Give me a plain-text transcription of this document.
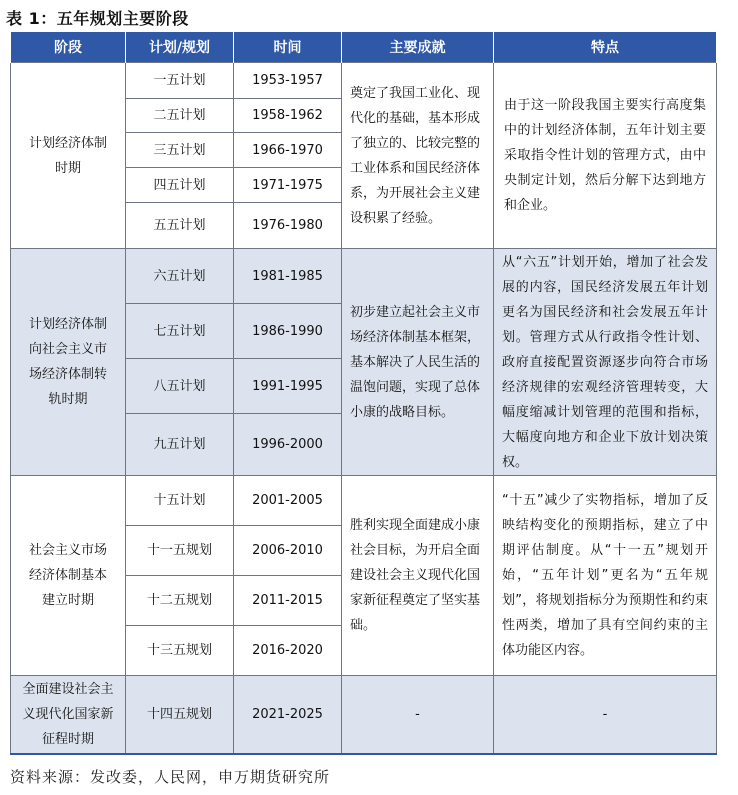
表 1：五年规划主要阶段
阶段	计划/规划	时间	主要成就	特点
计划经济体制时期	一五计划	1953-1957	奠定了我国工业化、现代化的基础，基本形成了独立的、比较完整的工业体系和国民经济体系，为开展社会主义建设积累了经验。	由于这一阶段我国主要实行高度集中的计划经济体制，五年计划主要采取指令性计划的管理方式，由中央制定计划，然后分解下达到地方和企业。
	二五计划	1958-1962		
	三五计划	1966-1970		
	四五计划	1971-1975		
	五五计划	1976-1980		
计划经济体制向社会主义市场经济体制转轨时期	六五计划	1981-1985	初步建立起社会主义市场经济体制基本框架，基本解决了人民生活的温饱问题，实现了总体小康的战略目标。	从“六五”计划开始，增加了社会发展的内容，国民经济发展五年计划更名为国民经济和社会发展五年计划。管理方式从行政指令性计划、政府直接配置资源逐步向符合市场经济规律的宏观经济管理转变，大幅度缩减计划管理的范围和指标，大幅度向地方和企业下放计划决策权。
	七五计划	1986-1990		
	八五计划	1991-1995		
	九五计划	1996-2000		
社会主义市场经济体制基本建立时期	十五计划	2001-2005	胜利实现全面建成小康社会目标，为开启全面建设社会主义现代化国家新征程奠定了坚实基础。	“十五”减少了实物指标，增加了反映结构变化的预期指标，建立了中期评估制度。从“十一五”规划开始，“五年计划”更名为“五年规划”，将规划指标分为预期性和约束性两类，增加了具有空间约束的主体功能区内容。
	十一五规划	2006-2010		
	十二五规划	2011-2015		
	十三五规划	2016-2020		
全面建设社会主义现代化国家新征程时期	十四五规划	2021-2025	-	-
资料来源：发改委，人民网，申万期货研究所
